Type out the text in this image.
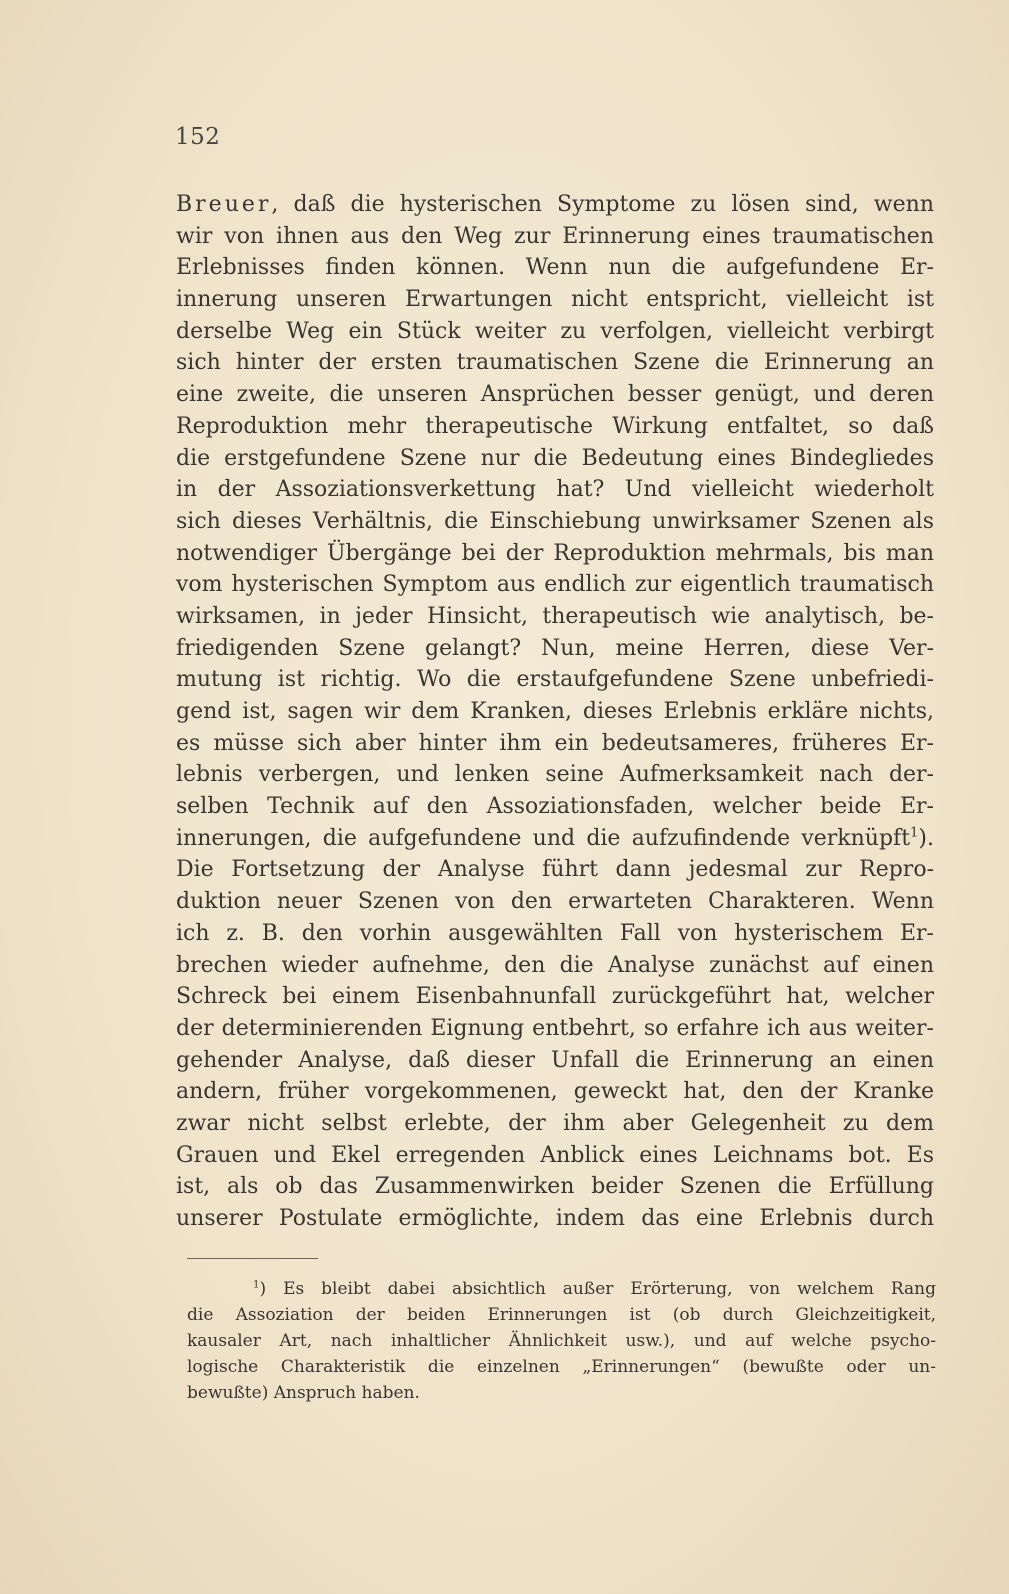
152
Breuer, daß die hysterischen Symptome zu lösen sind, wenn
wir von ihnen aus den Weg zur Erinnerung eines traumatischen
Erlebnisses finden können. Wenn nun die aufgefundene Er-
innerung unseren Erwartungen nicht entspricht, vielleicht ist
derselbe Weg ein Stück weiter zu verfolgen, vielleicht verbirgt
sich hinter der ersten traumatischen Szene die Erinnerung an
eine zweite, die unseren Ansprüchen besser genügt, und deren
Reproduktion mehr therapeutische Wirkung entfaltet, so daß
die erstgefundene Szene nur die Bedeutung eines Bindegliedes
in der Assoziationsverkettung hat? Und vielleicht wiederholt
sich dieses Verhältnis, die Einschiebung unwirksamer Szenen als
notwendiger Übergänge bei der Reproduktion mehrmals, bis man
vom hysterischen Symptom aus endlich zur eigentlich traumatisch
wirksamen, in jeder Hinsicht, therapeutisch wie analytisch, be-
friedigenden Szene gelangt? Nun, meine Herren, diese Ver-
mutung ist richtig. Wo die erstaufgefundene Szene unbefriedi-
gend ist, sagen wir dem Kranken, dieses Erlebnis erkläre nichts,
es müsse sich aber hinter ihm ein bedeutsameres, früheres Er-
lebnis verbergen, und lenken seine Aufmerksamkeit nach der-
selben Technik auf den Assoziationsfaden, welcher beide Er-
innerungen, die aufgefundene und die aufzufindende verknüpft$^1$).
Die Fortsetzung der Analyse führt dann jedesmal zur Repro-
duktion neuer Szenen von den erwarteten Charakteren. Wenn
ich z. B. den vorhin ausgewählten Fall von hysterischem Er-
brechen wieder aufnehme, den die Analyse zunächst auf einen
Schreck bei einem Eisenbahnunfall zurückgeführt hat, welcher
der determinierenden Eignung entbehrt, so erfahre ich aus weiter-
gehender Analyse, daß dieser Unfall die Erinnerung an einen
andern, früher vorgekommenen, geweckt hat, den der Kranke
zwar nicht selbst erlebte, der ihm aber Gelegenheit zu dem
Grauen und Ekel erregenden Anblick eines Leichnams bot. Es
ist, als ob das Zusammenwirken beider Szenen die Erfüllung
unserer Postulate ermöglichte, indem das eine Erlebnis durch
$^1$) Es bleibt dabei absichtlich außer Erörterung, von welchem Rang
die Assoziation der beiden Erinnerungen ist (ob durch Gleichzeitigkeit,
kausaler Art, nach inhaltlicher Ähnlichkeit usw.), und auf welche psycho-
logische Charakteristik die einzelnen „Erinnerungen“ (bewußte oder un-
bewußte) Anspruch haben.
